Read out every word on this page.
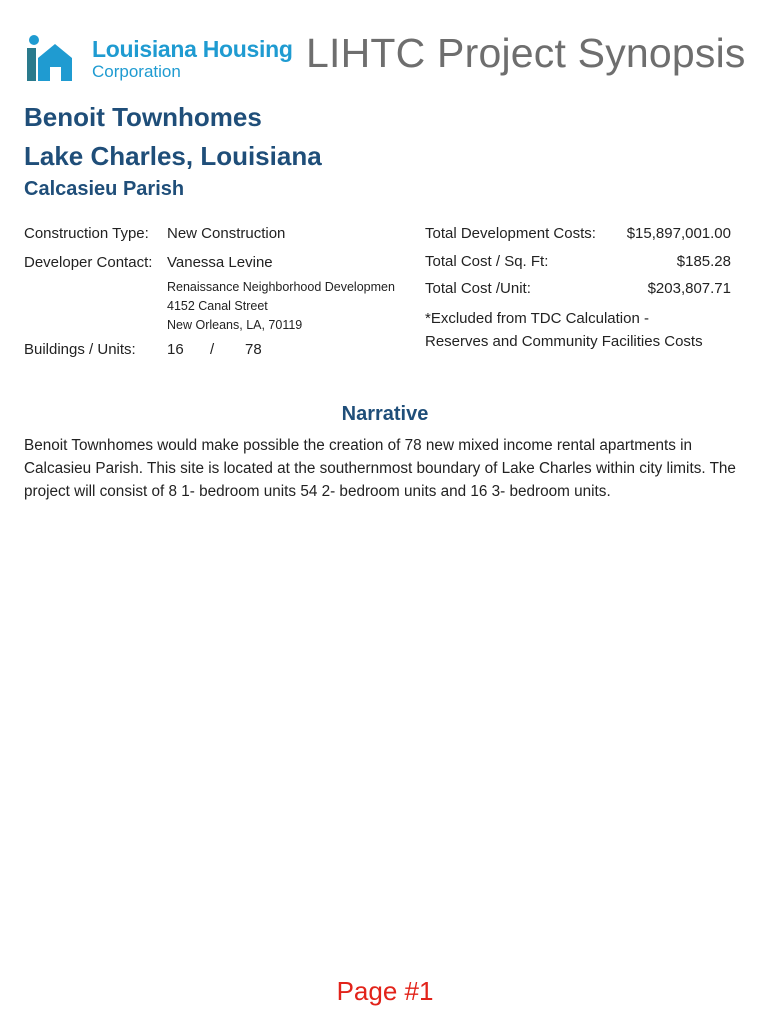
Louisiana Housing
Corporation	LIHTC Project Synopsis
Benoit Townhomes
Lake Charles, Louisiana
Calcasieu Parish
Construction Type: New Construction
Developer Contact: Vanessa Levine
Renaissance Neighborhood Developmen
4152 Canal Street
New Orleans, LA, 70119
Buildings / Units: 16 / 78
Total Development Costs:	$15,897,001.00
Total Cost / Sq. Ft:	$185.28
Total Cost /Unit:	$203,807.71
*Excluded from TDC Calculation -
Reserves and Community Facilities Costs
Narrative
Benoit Townhomes would make possible the creation of 78 new mixed income rental apartments in Calcasieu Parish. This site is located at the southernmost boundary of Lake Charles within city limits. The project will consist of 8 1- bedroom units 54 2- bedroom units and 16 3- bedroom units.
Page #1
